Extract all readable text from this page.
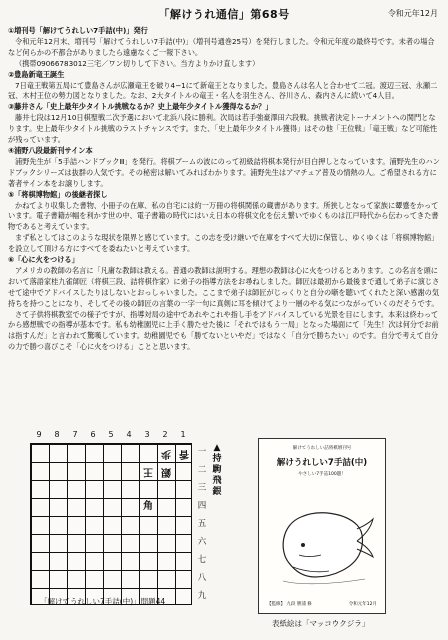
「解けうれ通信」第68号	令和元年12月

①増刊号「解けてうれしい7手詰(中)」発行

令和元年12月末、増刊号「解けてうれしい7手詰(中)」（増刊号通巻25号）を発行しました。令和元年度の最終号です。未者の場合など何らかの不都合がありましたら遠慮なくご一報下さい。

（携帯09066783012三宅／ワン切りして下さい。当方よりかけ直します）

②豊島新竜王誕生

7日竜王戦第五局にて豊島さんが広瀬竜王を破り4−1にて新竜王となりました。豊島さんは名人と合わせて二冠。渡辺三冠、永瀬二冠、木村王位の勢力図となりました。なお、2大タイトルの竜王・名人を羽生さん、谷川さん、森内さんに続いて4人目。

③藤井さん「史上最年少タイトル挑戦なるか？史上最年少タイトル獲得なるか？」

藤井七段は12月10日棋聖戦二次予選において北浜八段に勝利。次局は若手強豪澤田六段戦。挑戦者決定トーナメントへの関門となります。史上最年少タイトル挑戦のラストチャンスです。また、「史上最年少タイトル獲得」はその他「王位戦」「竜王戦」など可能性が残っています。

④浦野八段最新刊サイン本

浦野先生が「5手詰ハンドブックⅢ」を発行。将棋ブームの波にのって初級詰将棋本発行が目白押しとなっています。浦野先生のハンドブックシリーズは抜群の人気です。その秘密は解いてみればわかります。浦野先生はアマチュア普及の情熱の人。ご希望される方に著者サイン本をお譲りします。

⑤「将棋博物館」の後継者探し

かねてより収集した書物、小冊子の在庫、私の自宅には約一万冊の将棋関係の蔵書があります。所狭しとなって家族に顰蹙をかっています。電子書籍が幅を利かす世の中、電子書籍の時代にはいえ日本の将棋文化を伝え繋いでゆくものは江戸時代から伝わってきた書物であると考えています。

まず私としてはこのような現状を限界と感じています。この志を受け継いで在庫をすべて大切に保管し、ゆくゆくは「将棋博物館」を設立して頂ける方にすべてを委ねたいと考えています。

⑥「心に火をつける」

アメリカの教師の名言に「凡庸な教師は教える。普通の教師は説明する。理想の教師は心に火をつけるとあります。この名言を頭において落語家桂九雀師匠（将棋三段、詰将棋作家）に弟子の指導方法をお尋ねしました。師匠は最初から最後まで通して弟子に演じさせて途中でアドバイスしたりはしないとおっしゃいました。ここまで弟子は師匠がじっくりと自分の噺を聴いてくれたと深い感謝の気持ちを持つことになり、そしてその後の師匠の言葉の一字一句に真剣に耳を傾けてより一層のやる気につながっていくのだそうです。

さて子供将棋教室での様子ですが、指導対局の途中であれやこれや指し手をアドバイスしている光景を目にします。本来は終わってから感想戦での指導が基本です。私も幼稚園児に上手く勝たせた後に「それではもう一局」となった場面にて「先生！次は何分でお前は指すんだ」と言われて驚嘆しています。幼稚園児でも「勝てないといやだ」ではなく「自分で勝ちたい」のです。自分で考えて自分の力で勝つ喜びこそ「心に火をつける」ことと思います。

9	8	7	6	5	4	3	2	1
歩 香
王 銀
角
一
二
三
四
五
六
七
八
九
▲
持
駒
飛
銀
「解けてうれしい7手詰(中)」問題44
解けてうれしい詰将棋増刊号
解けうれしい7手詰(中)
やさしい7手詰100題！
【監修】 九段 勝浦 修	令和元年12月
表紙絵は「マッコウクジラ」
